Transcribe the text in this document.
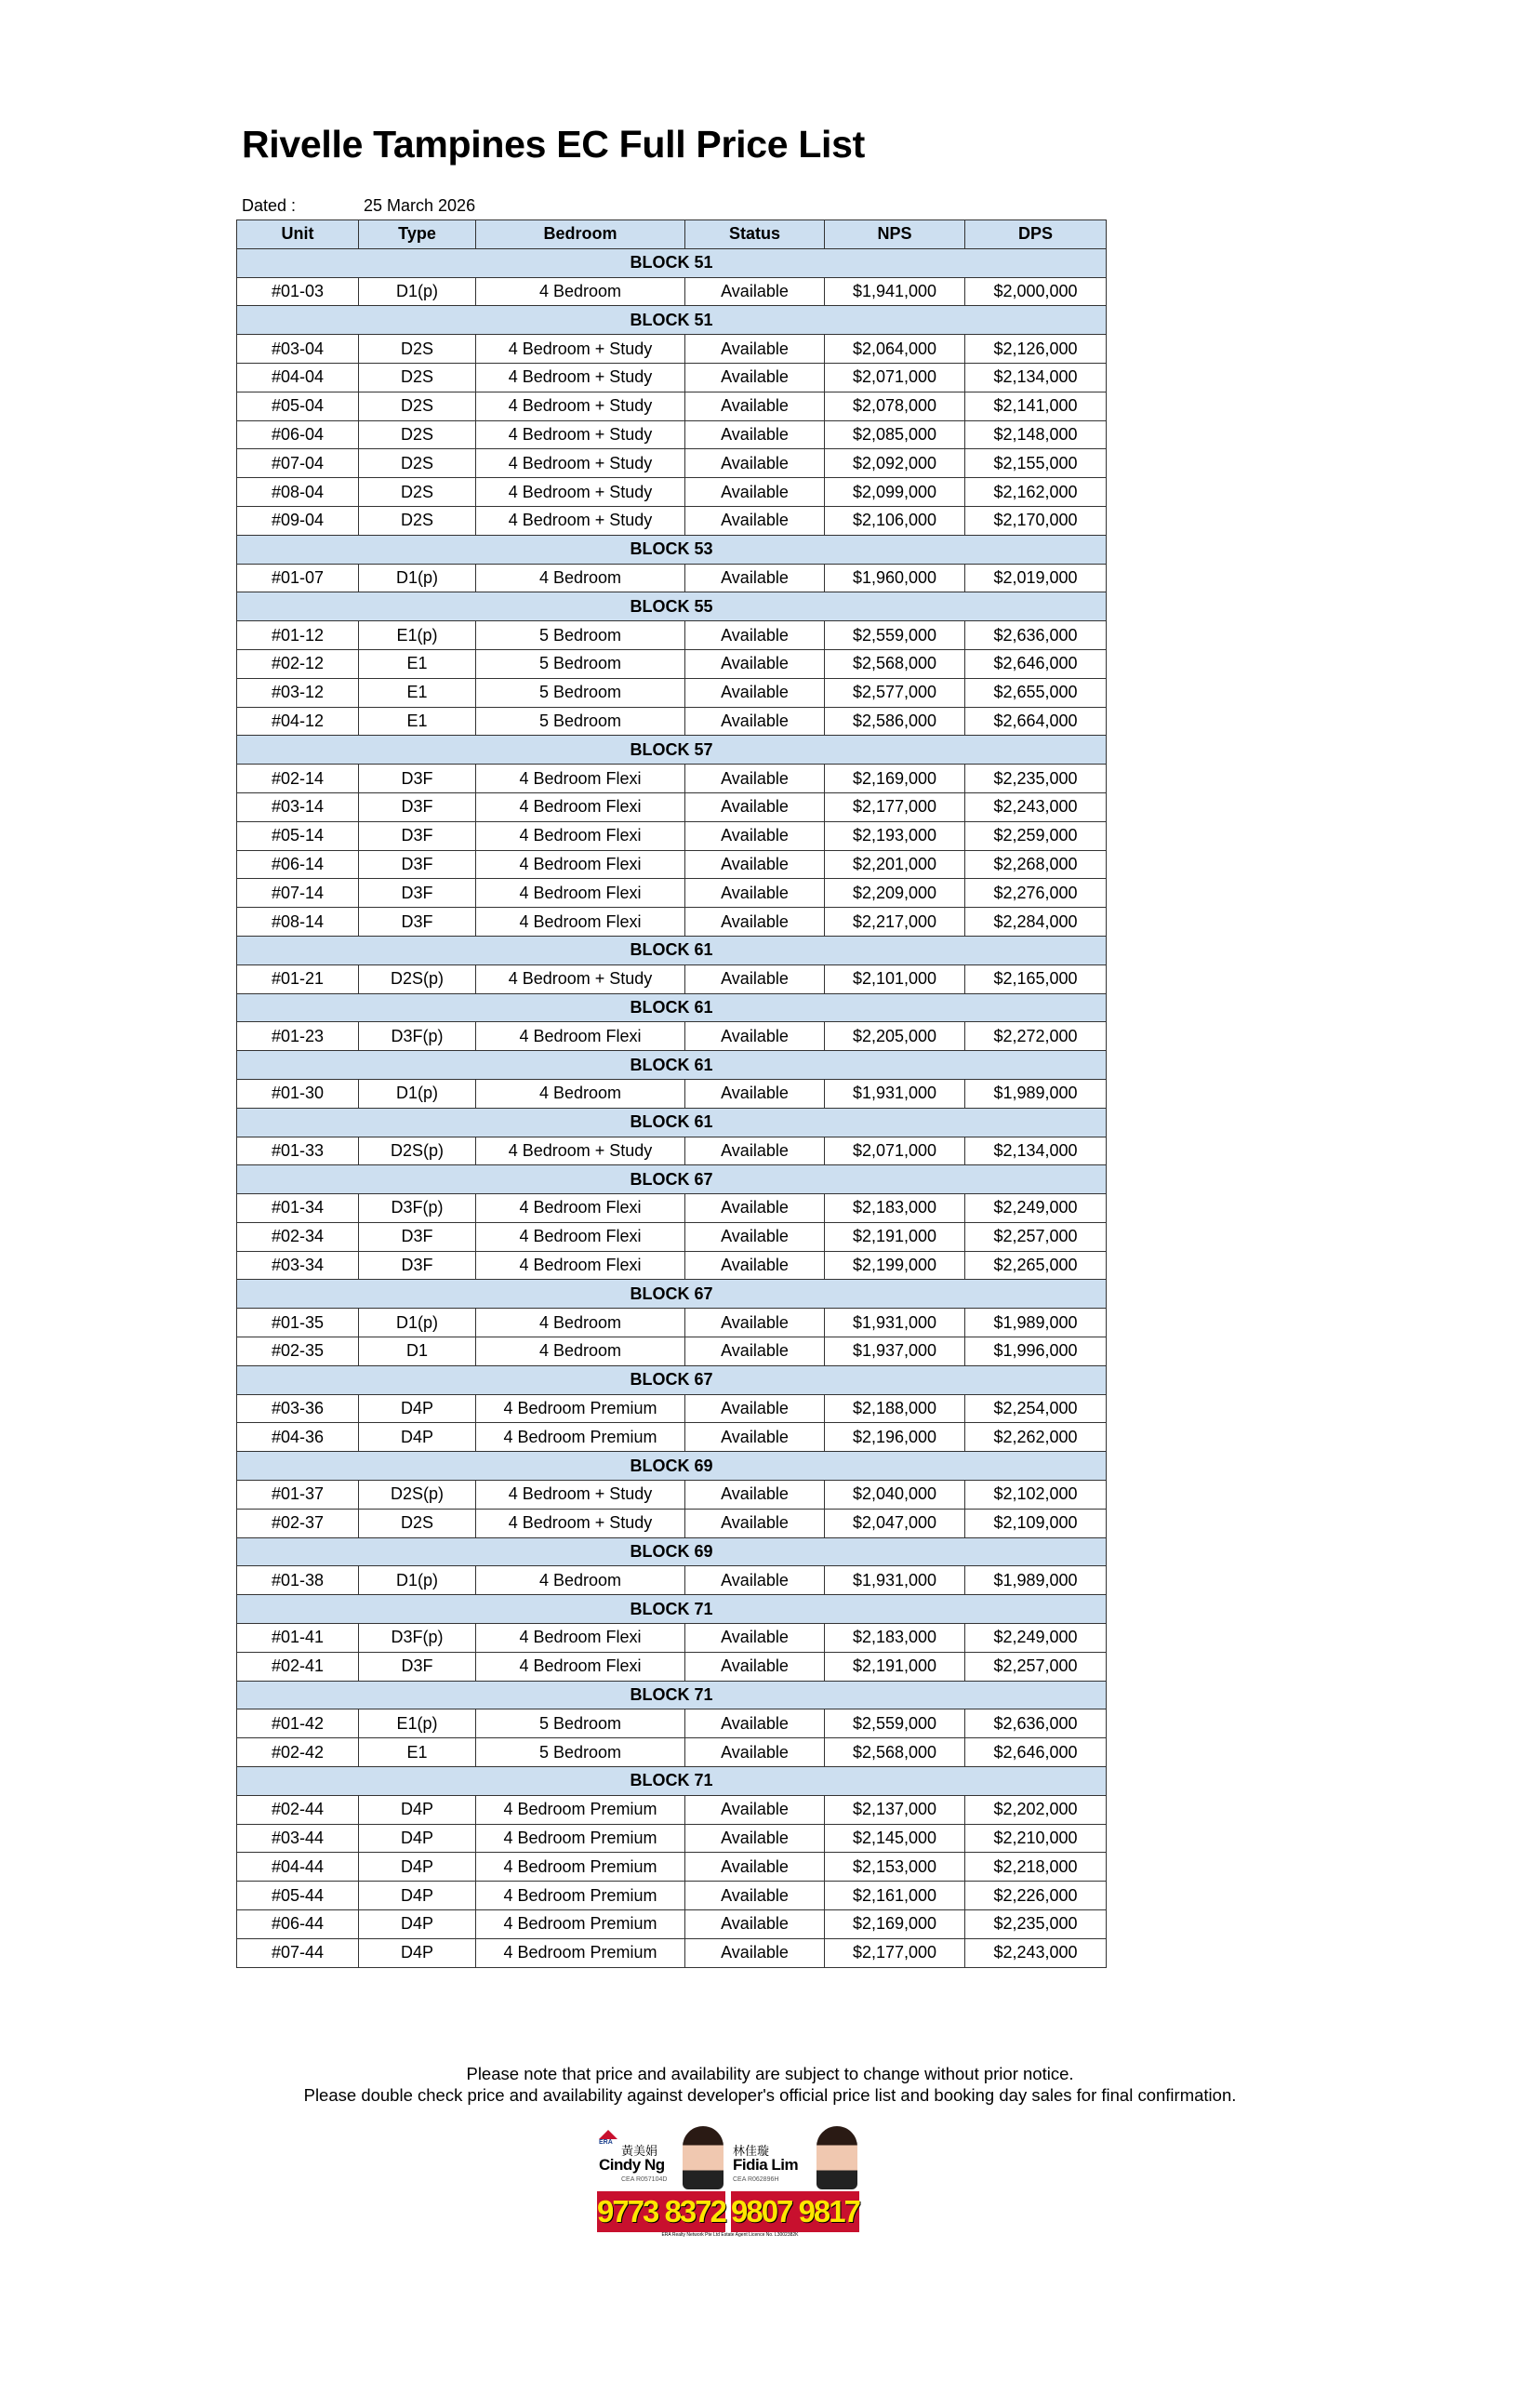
Rivelle Tampines EC Full Price List
Dated :	25 March 2026
Unit	Type	Bedroom	Status	NPS	DPS
BLOCK 51					
#01-03	D1(p)	4 Bedroom	Available	$1,941,000	$2,000,000
BLOCK 51					
#03-04	D2S	4 Bedroom + Study	Available	$2,064,000	$2,126,000
#04-04	D2S	4 Bedroom + Study	Available	$2,071,000	$2,134,000
#05-04	D2S	4 Bedroom + Study	Available	$2,078,000	$2,141,000
#06-04	D2S	4 Bedroom + Study	Available	$2,085,000	$2,148,000
#07-04	D2S	4 Bedroom + Study	Available	$2,092,000	$2,155,000
#08-04	D2S	4 Bedroom + Study	Available	$2,099,000	$2,162,000
#09-04	D2S	4 Bedroom + Study	Available	$2,106,000	$2,170,000
BLOCK 53					
#01-07	D1(p)	4 Bedroom	Available	$1,960,000	$2,019,000
BLOCK 55					
#01-12	E1(p)	5 Bedroom	Available	$2,559,000	$2,636,000
#02-12	E1	5 Bedroom	Available	$2,568,000	$2,646,000
#03-12	E1	5 Bedroom	Available	$2,577,000	$2,655,000
#04-12	E1	5 Bedroom	Available	$2,586,000	$2,664,000
BLOCK 57					
#02-14	D3F	4 Bedroom Flexi	Available	$2,169,000	$2,235,000
#03-14	D3F	4 Bedroom Flexi	Available	$2,177,000	$2,243,000
#05-14	D3F	4 Bedroom Flexi	Available	$2,193,000	$2,259,000
#06-14	D3F	4 Bedroom Flexi	Available	$2,201,000	$2,268,000
#07-14	D3F	4 Bedroom Flexi	Available	$2,209,000	$2,276,000
#08-14	D3F	4 Bedroom Flexi	Available	$2,217,000	$2,284,000
BLOCK 61					
#01-21	D2S(p)	4 Bedroom + Study	Available	$2,101,000	$2,165,000
BLOCK 61					
#01-23	D3F(p)	4 Bedroom Flexi	Available	$2,205,000	$2,272,000
BLOCK 61					
#01-30	D1(p)	4 Bedroom	Available	$1,931,000	$1,989,000
BLOCK 61					
#01-33	D2S(p)	4 Bedroom + Study	Available	$2,071,000	$2,134,000
BLOCK 67					
#01-34	D3F(p)	4 Bedroom Flexi	Available	$2,183,000	$2,249,000
#02-34	D3F	4 Bedroom Flexi	Available	$2,191,000	$2,257,000
#03-34	D3F	4 Bedroom Flexi	Available	$2,199,000	$2,265,000
BLOCK 67					
#01-35	D1(p)	4 Bedroom	Available	$1,931,000	$1,989,000
#02-35	D1	4 Bedroom	Available	$1,937,000	$1,996,000
BLOCK 67					
#03-36	D4P	4 Bedroom Premium	Available	$2,188,000	$2,254,000
#04-36	D4P	4 Bedroom Premium	Available	$2,196,000	$2,262,000
BLOCK 69					
#01-37	D2S(p)	4 Bedroom + Study	Available	$2,040,000	$2,102,000
#02-37	D2S	4 Bedroom + Study	Available	$2,047,000	$2,109,000
BLOCK 69					
#01-38	D1(p)	4 Bedroom	Available	$1,931,000	$1,989,000
BLOCK 71					
#01-41	D3F(p)	4 Bedroom Flexi	Available	$2,183,000	$2,249,000
#02-41	D3F	4 Bedroom Flexi	Available	$2,191,000	$2,257,000
BLOCK 71					
#01-42	E1(p)	5 Bedroom	Available	$2,559,000	$2,636,000
#02-42	E1	5 Bedroom	Available	$2,568,000	$2,646,000
BLOCK 71					
#02-44	D4P	4 Bedroom Premium	Available	$2,137,000	$2,202,000
#03-44	D4P	4 Bedroom Premium	Available	$2,145,000	$2,210,000
#04-44	D4P	4 Bedroom Premium	Available	$2,153,000	$2,218,000
#05-44	D4P	4 Bedroom Premium	Available	$2,161,000	$2,226,000
#06-44	D4P	4 Bedroom Premium	Available	$2,169,000	$2,235,000
#07-44	D4P	4 Bedroom Premium	Available	$2,177,000	$2,243,000
Please note that price and availability are subject to change without prior notice.
Please double check price and availability against developer's official price list and booking day sales for final confirmation.
ERA
黃美娟
Cindy Ng
CEA R057104D
9773 8372
林佳璇
Fidia Lim
CEA R062896H
9807 9817
ERA Realty Network Pte Ltd Estate Agent Licence No. L3002382K
